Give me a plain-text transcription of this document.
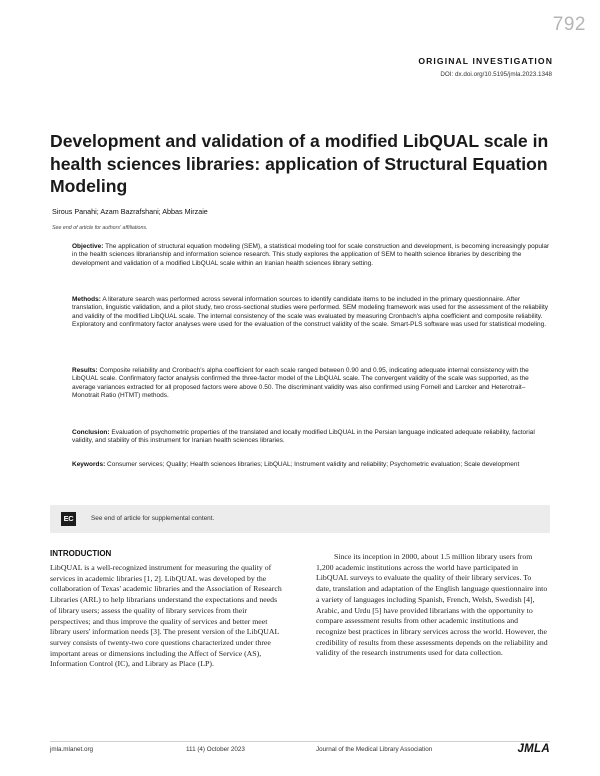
792
ORIGINAL INVESTIGATION
DOI: dx.doi.org/10.5195/jmla.2023.1348
Development and validation of a modified LibQUAL scale in health sciences libraries: application of Structural Equation Modeling
Sirous Panahi; Azam Bazrafshani; Abbas Mirzaie
See end of article for authors' affiliations.

Objective: The application of structural equation modeling (SEM), a statistical modeling tool for scale construction and development, is becoming increasingly popular in the health sciences librarianship and information science research. This study explores the application of SEM to health science libraries by describing the development and validation of a modified LibQUAL scale within an Iranian health sciences library setting.

Methods: A literature search was performed across several information sources to identify candidate items to be included in the primary questionnaire. After translation, linguistic validation, and a pilot study, two cross-sectional studies were performed. SEM modeling framework was used for the assessment of the reliability and validity of the modified LibQUAL scale. The internal consistency of the scale was evaluated by measuring Cronbach's alpha coefficient and composite reliability. Exploratory and confirmatory factor analyses were used for the evaluation of the construct validity of the scale. Smart-PLS software was used for statistical modeling.

Results: Composite reliability and Cronbach's alpha coefficient for each scale ranged between 0.90 and 0.95, indicating adequate internal consistency with the LibQUAL scale. Confirmatory factor analysis confirmed the three-factor model of the LibQUAL scale. The convergent validity of the scale was supported, as the average variances extracted for all proposed factors were above 0.50. The discriminant validity was also confirmed using Fornell and Larcker and Heterotrait–Monotrait Ratio (HTMT) methods.

Conclusion: Evaluation of psychometric properties of the translated and locally modified LibQUAL in the Persian language indicated adequate reliability, factorial validity, and stability of this instrument for Iranian health sciences libraries.

Keywords: Consumer services; Quality; Health sciences libraries; LibQUAL; Instrument validity and reliability; Psychometric evaluation; Scale development

EC	See end of article for supplemental content.
INTRODUCTION

LibQUAL is a well-recognized instrument for measuring the quality of services in academic libraries [1, 2]. LibQUAL was developed by the collaboration of Texas' academic libraries and the Association of Research Libraries (ARL) to help librarians understand the expectations and needs of library users; assess the quality of library services from their perspectives; and thus improve the quality of services and better meet library users' information needs [3]. The present version of the LibQUAL survey consists of twenty-two core questions characterized under three important areas or dimensions including the Affect of Service (AS), Information Control (IC), and Library as Place (LP).

Since its inception in 2000, about 1.5 million library users from 1,200 academic institutions across the world have participated in LibQUAL surveys to evaluate the quality of their library services. To date, translation and adaptation of the English language questionnaire into a variety of languages including Spanish, French, Welsh, Swedish [4], Arabic, and Urdu [5] have provided librarians with the opportunity to compare assessment results from other academic institutions and recognize best practices in library services across the world. However, the credibility of results from these assessments depends on the reliability and validity of the research instruments used for data collection.

jmla.mlanet.org	111 (4) October 2023	Journal of the Medical Library Association	JMLA
